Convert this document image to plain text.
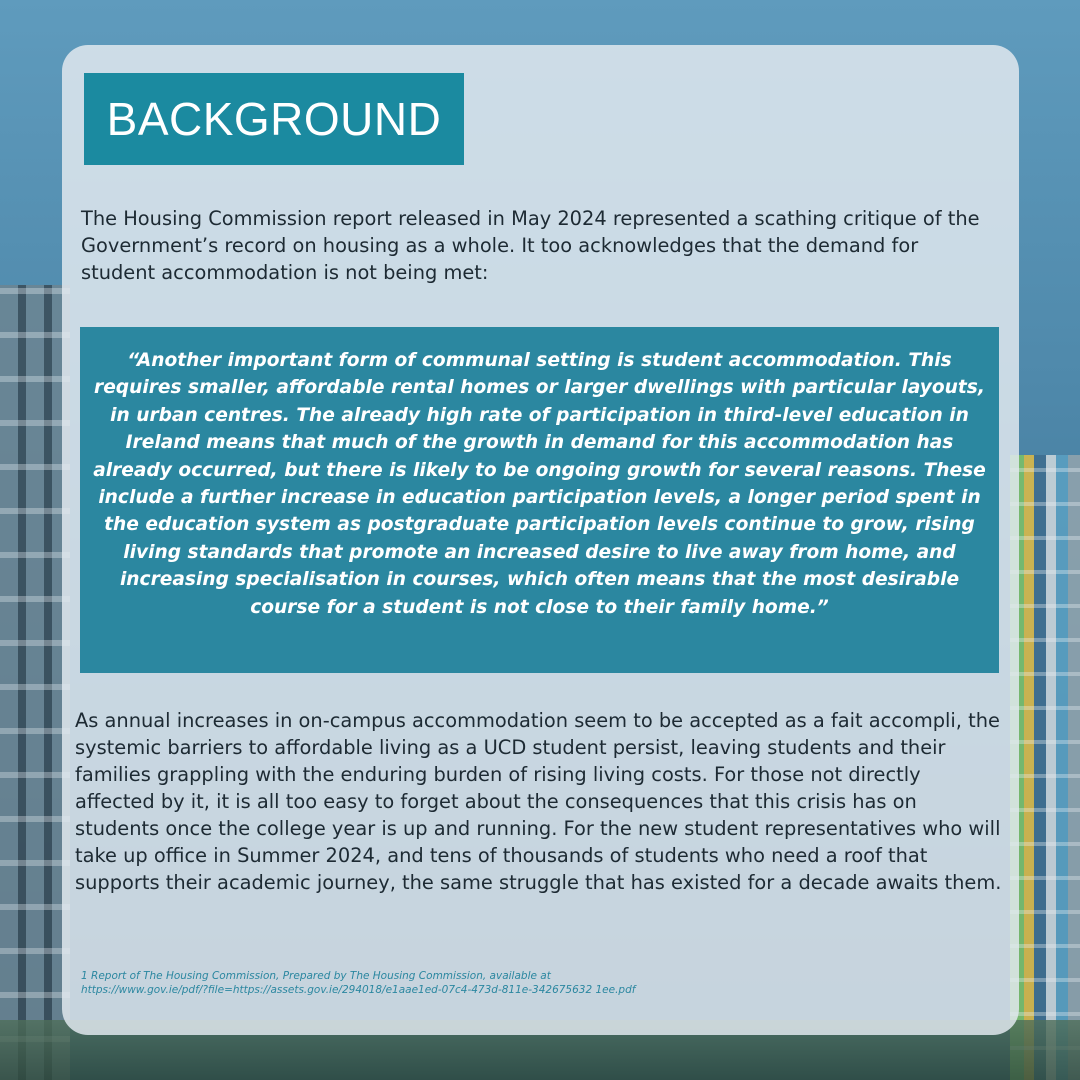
BACKGROUND

The Housing Commission report released in May 2024 represented a scathing critique of the Government’s record on housing as a whole. It too acknowledges that the demand for student accommodation is not being met:

“Another important form of communal setting is student accommodation. This requires smaller, affordable rental homes or larger dwellings with particular layouts, in urban centres. The already high rate of participation in third-level education in Ireland means that much of the growth in demand for this accommodation has already occurred, but there is likely to be ongoing growth for several reasons. These include a further increase in education participation levels, a longer period spent in the education system as postgraduate participation levels continue to grow, rising living standards that promote an increased desire to live away from home, and increasing specialisation in courses, which often means that the most desirable course for a student is not close to their family home.”

As annual increases in on-campus accommodation seem to be accepted as a fait accompli, the systemic barriers to affordable living as a UCD student persist, leaving students and their families grappling with the enduring burden of rising living costs. For those not directly affected by it, it is all too easy to forget about the consequences that this crisis has on students once the college year is up and running. For the new student representatives who will take up office in Summer 2024, and tens of thousands of students who need a roof that supports their academic journey, the same struggle that has existed for a decade awaits them.

1 Report of The Housing Commission, Prepared by The Housing Commission, available at
https://www.gov.ie/pdf/?file=https://assets.gov.ie/294018/e1aae1ed-07c4-473d-811e-342675632 1ee.pdf
